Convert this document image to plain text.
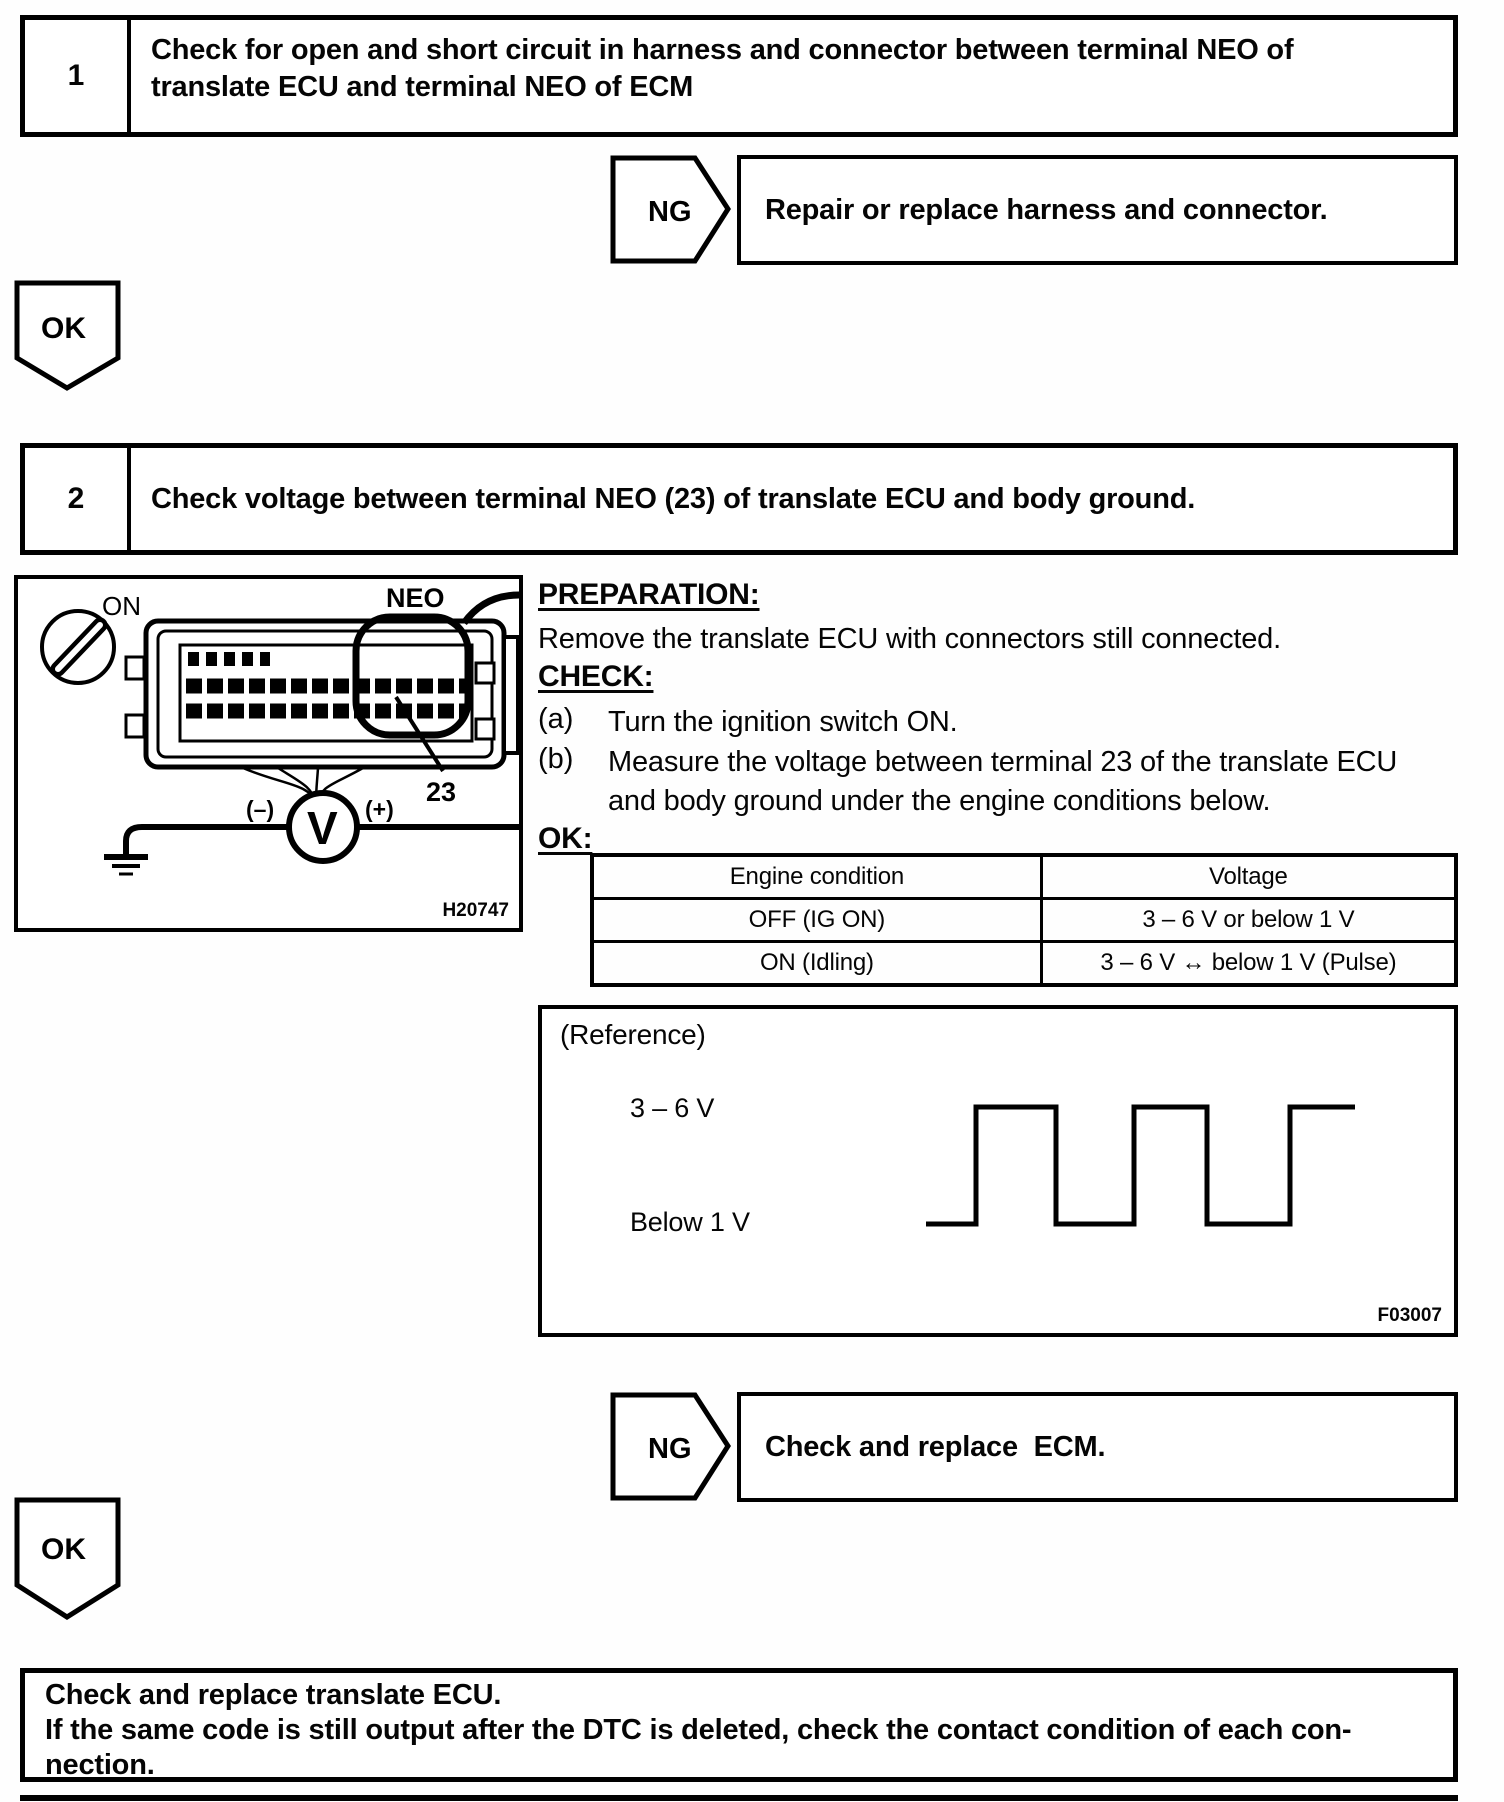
1
Check for open and short circuit in harness and connector between terminal NEO of translate ECU and terminal NEO of ECM
NG	Repair or replace harness and connector.
OK
2	Check voltage between terminal NEO (23) of translate ECU and body ground.
ON	NEO
23
V
(–)	(+)
H20747
PREPARATION:
Remove the translate ECU with connectors still connected.
CHECK:
(a)	Turn the ignition switch ON.
(b)	Measure the voltage between terminal 23 of the translate ECU and body ground under the engine conditions below.
OK:
Engine condition	Voltage
OFF (IG ON)	3 – 6 V or below 1 V
ON (Idling)	3 – 6 V ↔ below 1 V (Pulse)
(Reference)
3 – 6 V
Below 1 V
F03007
NG	Check and replace  ECM.
OK
Check and replace translate ECU.
If the same code is still output after the DTC is deleted, check the contact condition of each con-
nection.
